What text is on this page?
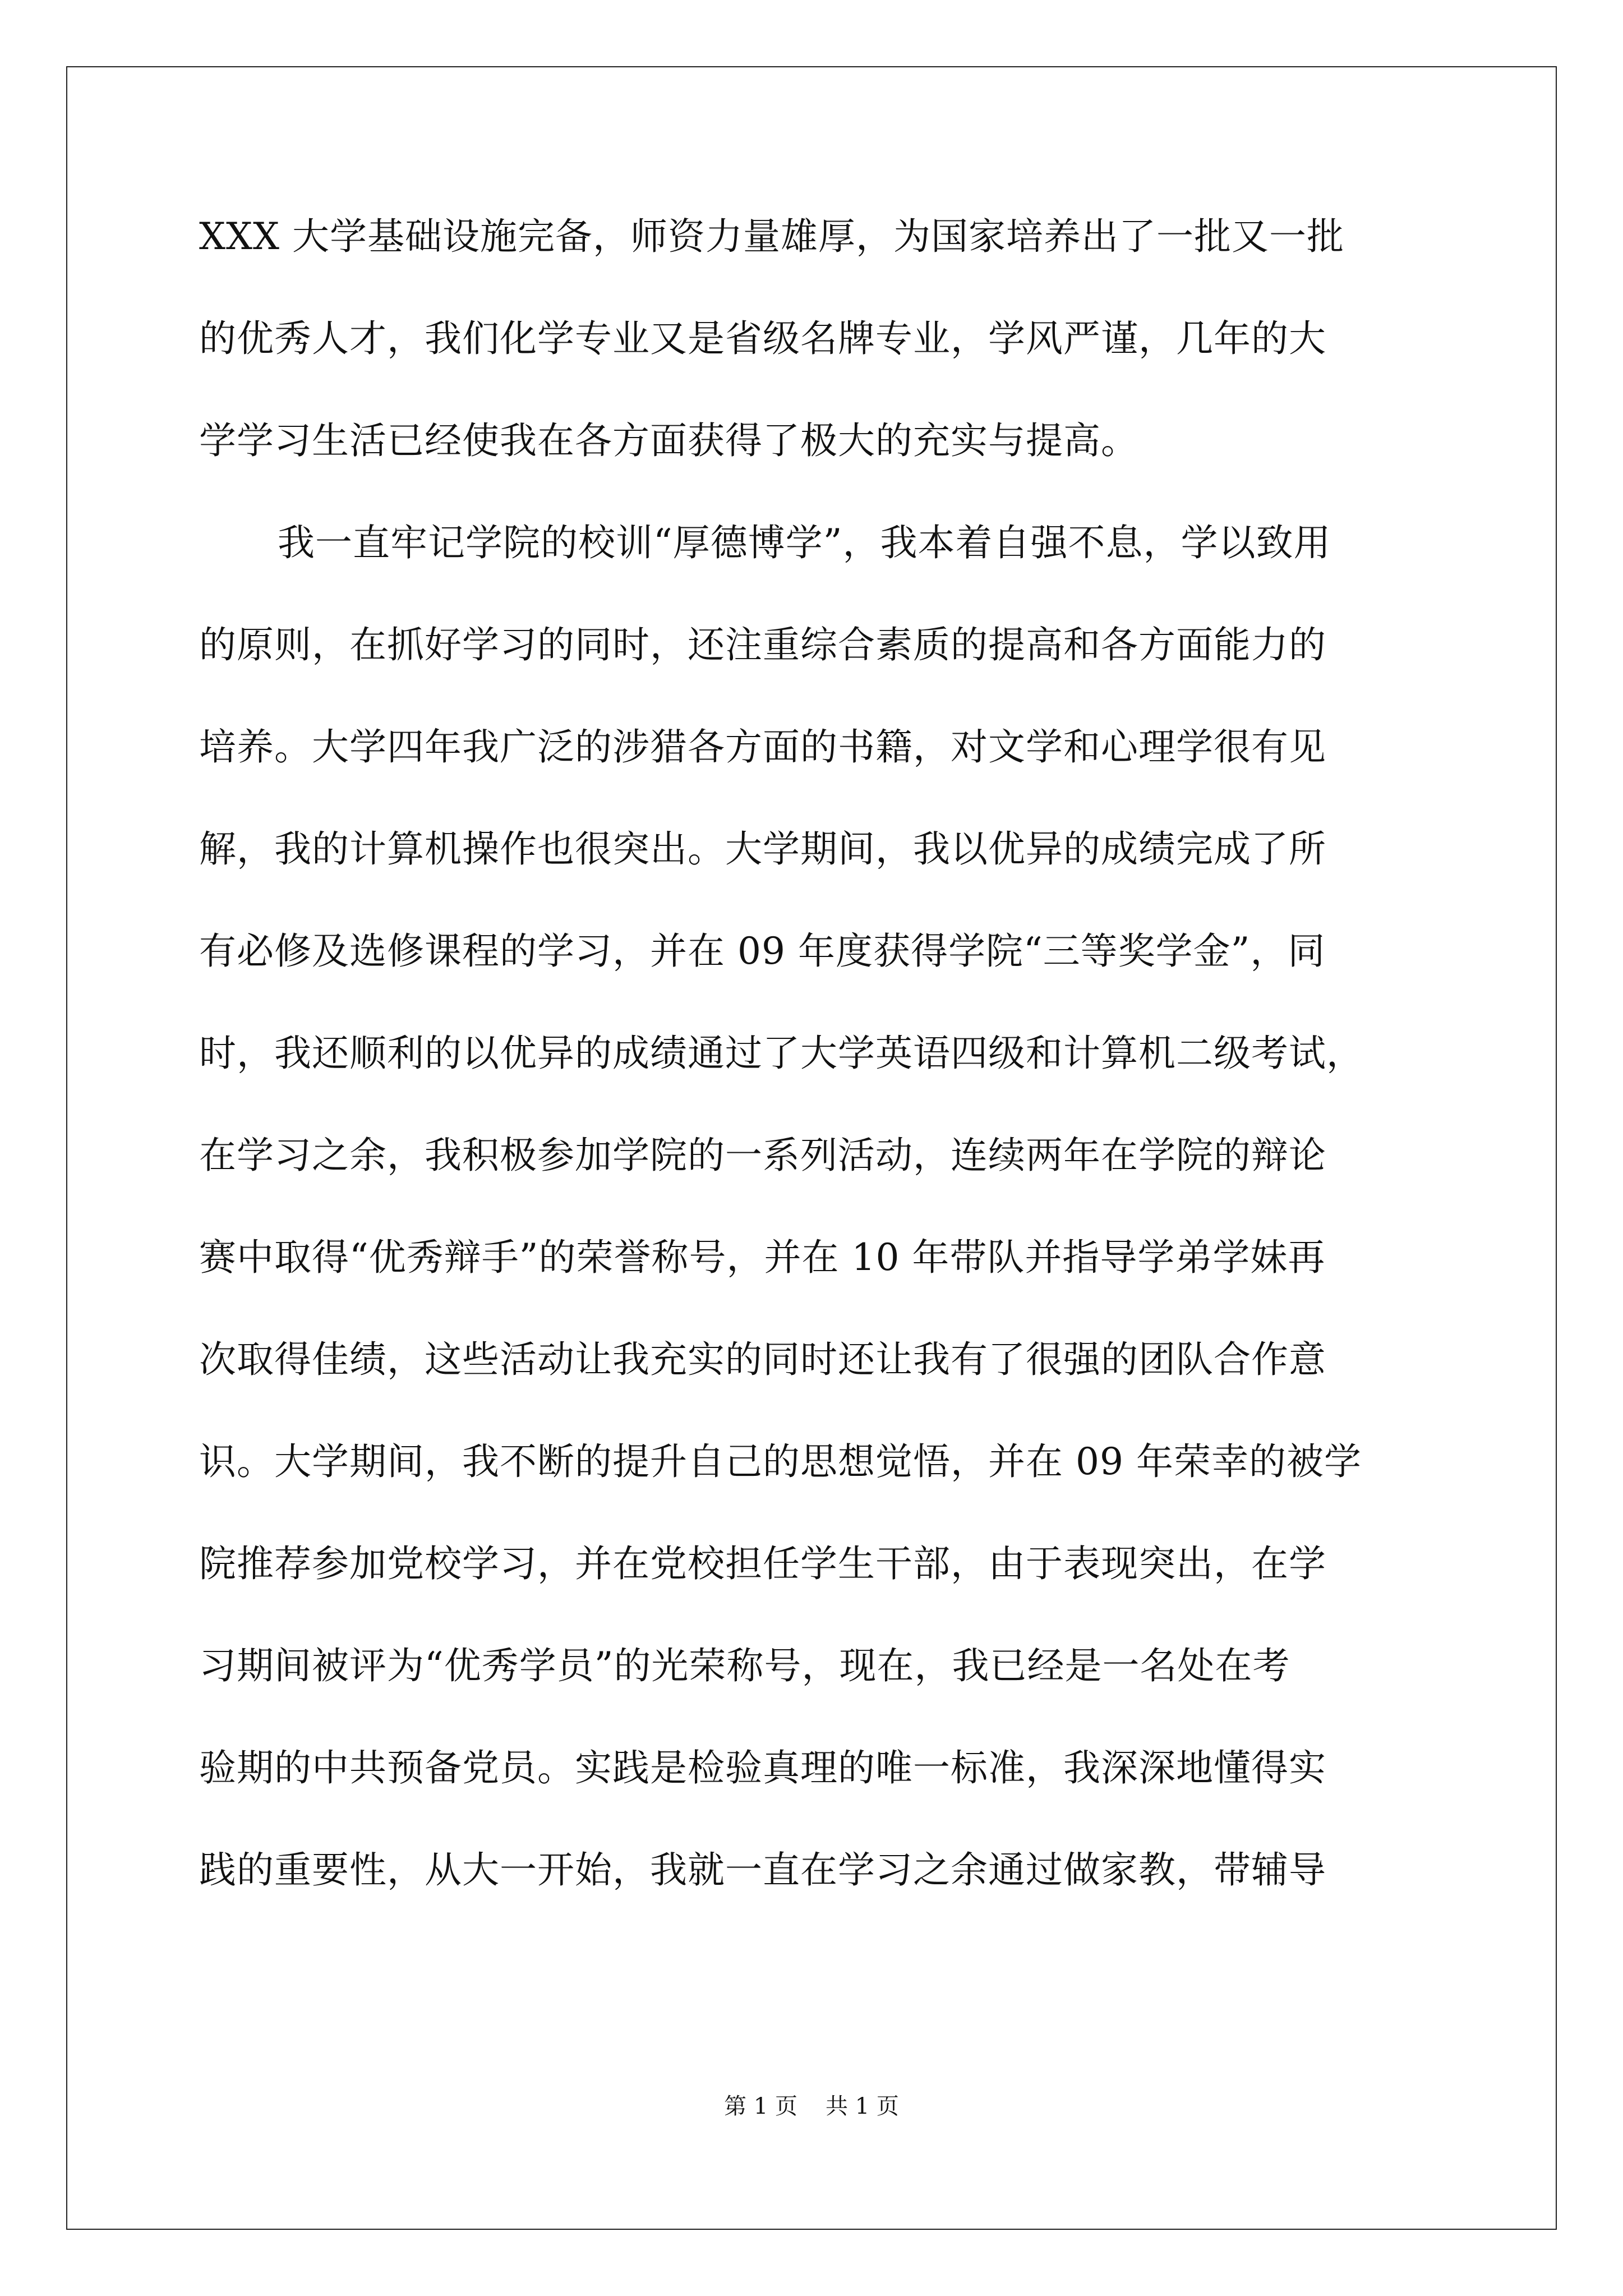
XXX 大学基础设施完备，师资力量雄厚，为国家培养出了一批又一批
的优秀人才，我们化学专业又是省级名牌专业，学风严谨，几年的大
学学习生活已经使我在各方面获得了极大的充实与提高。
我一直牢记学院的校训“厚德博学”，我本着自强不息，学以致用
的原则，在抓好学习的同时，还注重综合素质的提高和各方面能力的
培养。大学四年我广泛的涉猎各方面的书籍，对文学和心理学很有见
解，我的计算机操作也很突出。大学期间，我以优异的成绩完成了所
有必修及选修课程的学习，并在 09 年度获得学院“三等奖学金”，同
时，我还顺利的以优异的成绩通过了大学英语四级和计算机二级考试，
在学习之余，我积极参加学院的一系列活动，连续两年在学院的辩论
赛中取得“优秀辩手”的荣誉称号，并在 10 年带队并指导学弟学妹再
次取得佳绩，这些活动让我充实的同时还让我有了很强的团队合作意
识。大学期间，我不断的提升自己的思想觉悟，并在 09 年荣幸的被学
院推荐参加党校学习，并在党校担任学生干部，由于表现突出，在学
习期间被评为“优秀学员”的光荣称号，现在，我已经是一名处在考
验期的中共预备党员。实践是检验真理的唯一标准，我深深地懂得实
践的重要性，从大一开始，我就一直在学习之余通过做家教，带辅导
第 1 页 共 1 页
